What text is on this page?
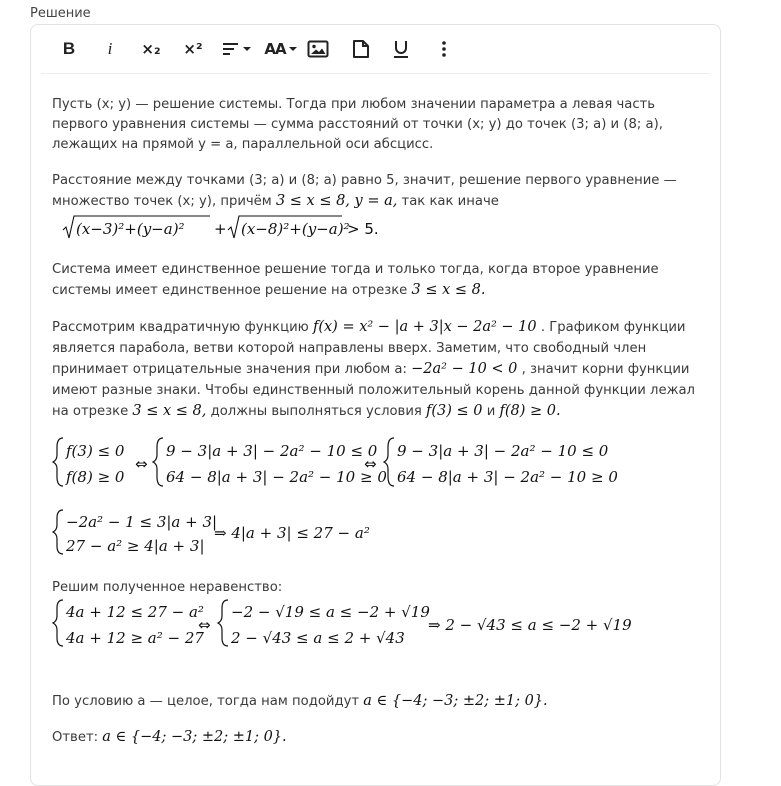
Решение
B i ×₂ ×²	AA

Пусть (x; y) — решение системы. Тогда при любом значении параметра a левая часть первого уравнения системы — сумма расстояний от точки (x; y) до точек (3; a) и (8; a), лежащих на прямой y = a, параллельной оси абсцисс.

Расстояние между точками (3; a) и (8; a) равно 5, значит, решение первого уравнение — множество точек (x; y), причём 3 ≤ x ≤ 8, y = a, так как иначе

(x−3)²+(y−a)² + (x−8)²+(y−a)²
> 5.

Система имеет единственное решение тогда и только тогда, когда второе уравнение системы имеет единственное решение на отрезке 3 ≤ x ≤ 8.

Рассмотрим квадратичную функцию f(x) = x² − |a + 3|x − 2a² − 10 . Графиком функции является парабола, ветви которой направлены вверх. Заметим, что свободный член принимает отрицательные значения при любом a: −2a² − 10 < 0 , значит корни функции имеют разные знаки. Чтобы единственный положительный корень данной функции лежал на отрезке 3 ≤ x ≤ 8, должны выполняться условия f(3) ≤ 0 и f(8) ≥ 0.

f(3) ≤ 0
f(8) ≥ 0
⇔
9 − 3|a + 3| − 2a² − 10 ≤ 0
64 − 8|a + 3| − 2a² − 10 ≥ 0
⇔
9 − 3|a + 3| − 2a² − 10 ≤ 0
64 − 8|a + 3| − 2a² − 10 ≥ 0
−2a² − 1 ≤ 3|a + 3|
27 − a² ≥ 4|a + 3|
⇒ 4|a + 3| ≤ 27 − a²

Решим полученное неравенство:

4a + 12 ≤ 27 − a²
4a + 12 ≥ a² − 27
⇔
−2 − √19 ≤ a ≤ −2 + √19
2 − √43 ≤ a ≤ 2 + √43
⇒ 2 − √43 ≤ a ≤ −2 + √19

По условию a — целое, тогда нам подойдут a ∈ {−4; −3; ±2; ±1; 0}.

Ответ: a ∈ {−4; −3; ±2; ±1; 0}.
